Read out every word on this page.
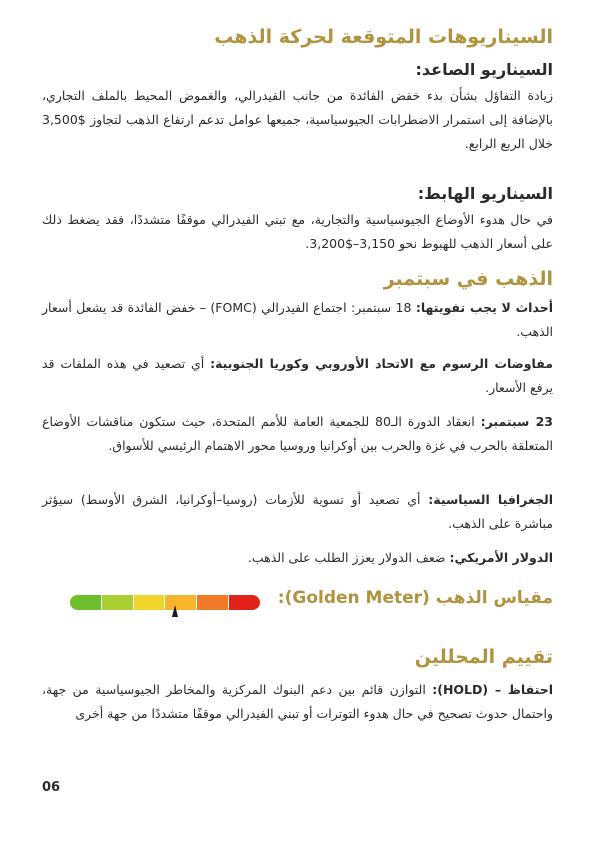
السيناريوهات المتوقعة لحركة الذهب
السيناريو الصاعد:

زيادة التفاؤل بشأن بدء خفض الفائدة من جانب الفيدرالي، والغموض المحيط بالملف التجاري، بالإضافة إلى استمرار الاضطرابات الجيوسياسية، جميعها عوامل تدعم ارتفاع الذهب لتجاوز $3,500 خلال الربع الرابع.

السيناريو الهابط:

في حال هدوء الأوضاع الجيوسياسية والتجارية، مع تبني الفيدرالي موقفًا متشددًا، فقد يضغط ذلك على أسعار الذهب للهبوط نحو 3,150–$3,200.

الذهب في سبتمبر

أحداث لا يجب تفويتها: 18 سبتمبر: اجتماع الفيدرالي (FOMC) – خفض الفائدة قد يشعل أسعار الذهب.

مفاوضات الرسوم مع الاتحاد الأوروبي وكوريا الجنوبية: أي تصعيد في هذه الملفات قد يرفع الأسعار.

23 سبتمبر: انعقاد الدورة الـ80 للجمعية العامة للأمم المتحدة، حيث ستكون مناقشات الأوضاع المتعلقة بالحرب في غزة والحرب بين أوكرانيا وروسيا محور الاهتمام الرئيسي للأسواق.

الجغرافيا السياسية: أي تصعيد أو تسوية للأزمات (روسيا–أوكرانيا، الشرق الأوسط) سيؤثر مباشرة على الذهب.

الدولار الأمريكي: ضعف الدولار يعزز الطلب على الذهب.

مقياس الذهب (Golden Meter):
تقييم المحللين

احتفاظ – (HOLD): التوازن قائم بين دعم البنوك المركزية والمخاطر الجيوسياسية من جهة، واحتمال حدوث تصحيح في حال هدوء التوترات أو تبني الفيدرالي موقفًا متشددًا من جهة أخرى

06
